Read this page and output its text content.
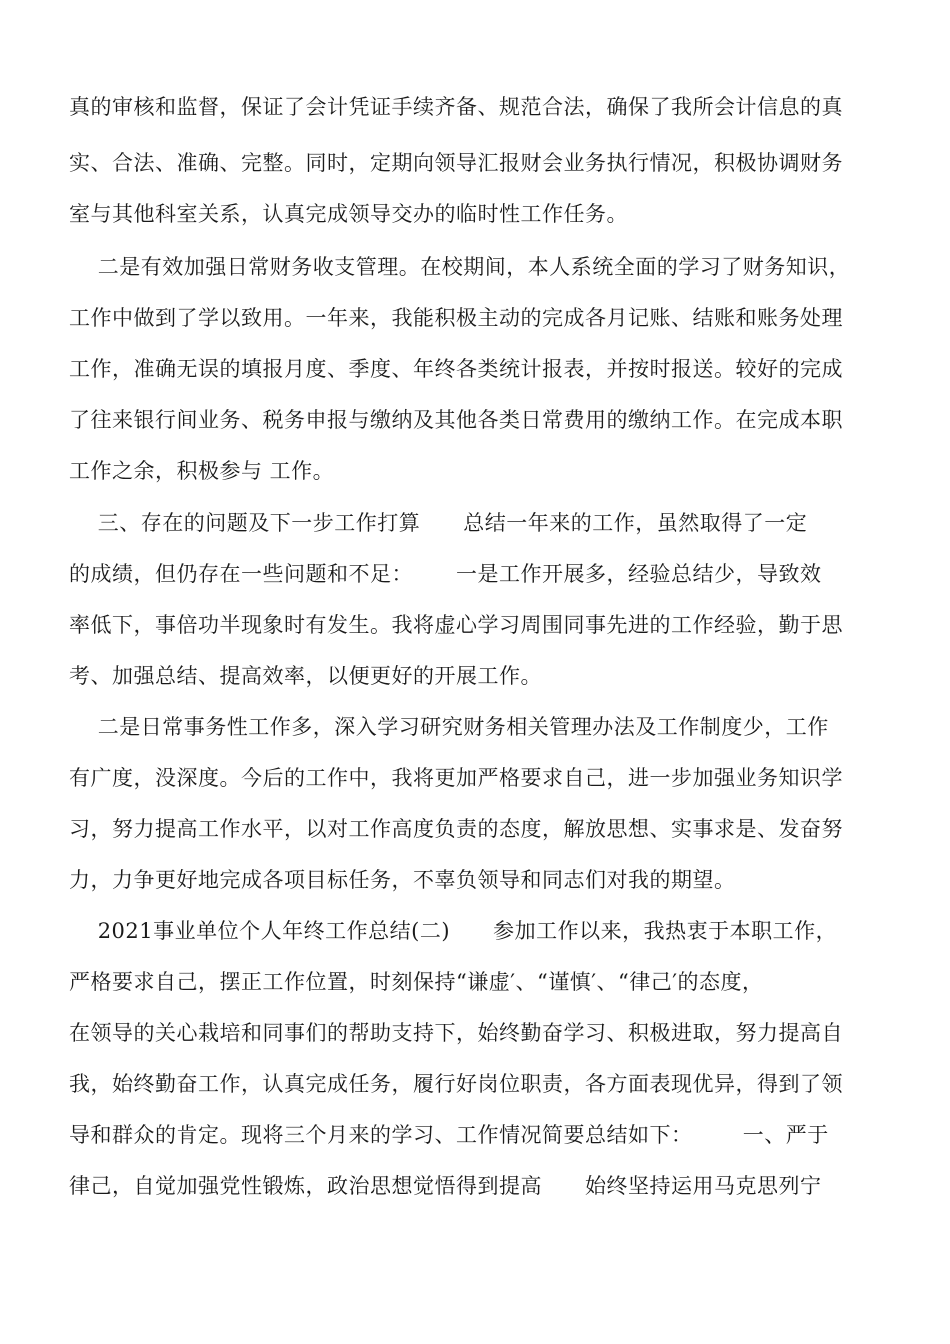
真的审核和监督，保证了会计凭证手续齐备、规范合法，确保了我所会计信息的真
实、合法、准确、完整。同时，定期向领导汇报财会业务执行情况，积极协调财务
室与其他科室关系，认真完成领导交办的临时性工作任务。
二是有效加强日常财务收支管理。在校期间，本人系统全面的学习了财务知识，
工作中做到了学以致用。一年来，我能积极主动的完成各月记账、结账和账务处理
工作，准确无误的填报月度、季度、年终各类统计报表，并按时报送。较好的完成
了往来银行间业务、税务申报与缴纳及其他各类日常费用的缴纳工作。在完成本职
工作之余，积极参与 工作。
三、存在的问题及下一步工作打算      总结一年来的工作，虽然取得了一定
的成绩，但仍存在一些问题和不足：      一是工作开展多，经验总结少，导致效
率低下，事倍功半现象时有发生。我将虚心学习周围同事先进的工作经验，勤于思
考、加强总结、提高效率，以便更好的开展工作。
二是日常事务性工作多，深入学习研究财务相关管理办法及工作制度少，工作
有广度，没深度。今后的工作中，我将更加严格要求自己，进一步加强业务知识学
习，努力提高工作水平，以对工作高度负责的态度，解放思想、实事求是、发奋努
力，力争更好地完成各项目标任务，不辜负领导和同志们对我的期望。
2021事业单位个人年终工作总结(二)      参加工作以来，我热衷于本职工作，
严格要求自己，摆正工作位置，时刻保持“谦虚′、“谨慎′、“律己′的态度，
在领导的关心栽培和同事们的帮助支持下，始终勤奋学习、积极进取，努力提高自
我，始终勤奋工作，认真完成任务，履行好岗位职责，各方面表现优异，得到了领
导和群众的肯定。现将三个月来的学习、工作情况简要总结如下：       一、严于
律己，自觉加强党性锻炼，政治思想觉悟得到提高      始终坚持运用马克思列宁
